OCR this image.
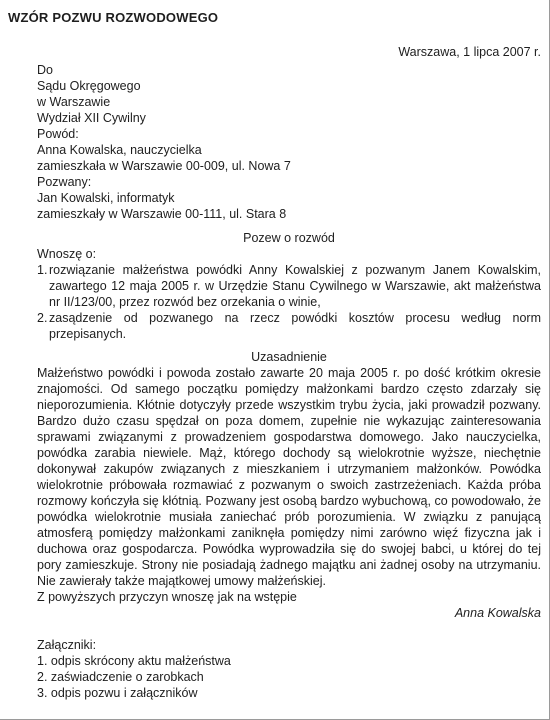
WZÓR POZWU ROZWODOWEGO
Warszawa, 1 lipca 2007 r.
Do
Sądu Okręgowego
w Warszawie
Wydział XII Cywilny
Powód:
Anna Kowalska, nauczycielka
zamieszkała w Warszawie 00-009, ul. Nowa 7
Pozwany:
Jan Kowalski, informatyk
zamieszkały w Warszawie 00-111, ul. Stara 8
Pozew o rozwód
Wnoszę o:
1. rozwiązanie małżeństwa powódki Anny Kowalskiej z pozwanym Janem Kowalskim, zawartego 12 maja 2005 r. w Urzędzie Stanu Cywilnego w Warszawie, akt małżeństwa nr II/123/00, przez rozwód bez orzekania o winie,
2. zasądzenie od pozwanego na rzecz powódki kosztów procesu według norm przepisanych.
Uzasadnienie

Małżeństwo powódki i powoda zostało zawarte 20 maja 2005 r. po dość krótkim okresie znajomości. Od samego początku pomiędzy małżonkami bardzo często zdarzały się nieporozumienia. Kłótnie dotyczyły przede wszystkim trybu życia, jaki prowadził pozwany. Bardzo dużo czasu spędzał on poza domem, zupełnie nie wykazując zainteresowania sprawami związanymi z prowadzeniem gospodarstwa domowego. Jako nauczycielka, powódka zarabia niewiele. Mąż, którego dochody są wielokrotnie wyższe, niechętnie dokonywał zakupów związanych z mieszkaniem i utrzymaniem małżonków. Powódka wielokrotnie próbowała rozmawiać z pozwanym o swoich zastrzeżeniach. Każda próba rozmowy kończyła się kłótnią. Pozwany jest osobą bardzo wybuchową, co powodowało, że powódka wielokrotnie musiała zaniechać prób porozumienia. W związku z panującą atmosferą pomiędzy małżonkami zaniknęła pomiędzy nimi zarówno więź fizyczna jak i duchowa oraz gospodarcza. Powódka wyprowadziła się do swojej babci, u której do tej pory zamieszkuje. Strony nie posiadają żadnego majątku ani żadnej osoby na utrzymaniu. Nie zawierały także majątkowej umowy małżeńskiej.

Z powyższych przyczyn wnoszę jak na wstępie

Anna Kowalska
Załączniki:
1. odpis skrócony aktu małżeństwa
2. zaświadczenie o zarobkach
3. odpis pozwu i załączników
